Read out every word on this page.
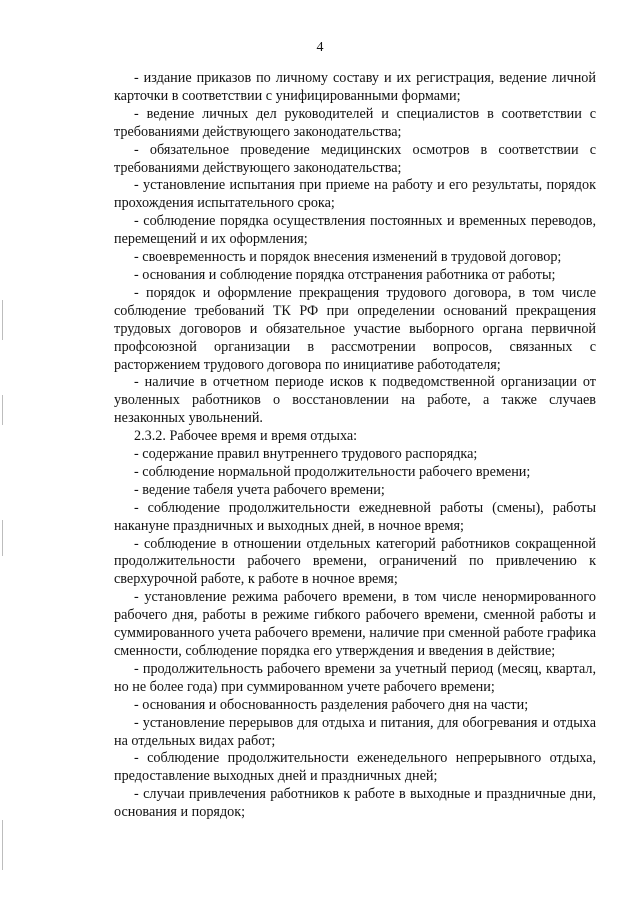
4

- издание приказов по личному составу и их регистрация, ведение личной карточки в соответствии с унифицированными формами;

- ведение личных дел руководителей и специалистов в соответствии с требованиями действующего законодательства;

- обязательное проведение медицинских осмотров в соответствии с требованиями действующего законодательства;

- установление испытания при приеме на работу и его результаты, порядок прохождения испытательного срока;

- соблюдение порядка осуществления постоянных и временных переводов, перемещений и их оформления;

- своевременность и порядок внесения изменений в трудовой договор;

- основания и соблюдение порядка отстранения работника от работы;

- порядок и оформление прекращения трудового договора, в том числе соблюдение требований ТК РФ при определении оснований прекращения трудовых договоров и обязательное участие выборного органа первичной профсоюзной организации в рассмотрении вопросов, связанных с расторжением трудового договора по инициативе работодателя;

- наличие в отчетном периоде исков к подведомственной организации от уволенных работников о восстановлении на работе, а также случаев незаконных увольнений.

2.3.2. Рабочее время и время отдыха:

- содержание правил внутреннего трудового распорядка;

- соблюдение нормальной продолжительности рабочего времени;

- ведение табеля учета рабочего времени;

- соблюдение продолжительности ежедневной работы (смены), работы накануне праздничных и выходных дней, в ночное время;

- соблюдение в отношении отдельных категорий работников сокращенной продолжительности рабочего времени, ограничений по привлечению к сверхурочной работе, к работе в ночное время;

- установление режима рабочего времени, в том числе ненормированного рабочего дня, работы в режиме гибкого рабочего времени, сменной работы и суммированного учета рабочего времени, наличие при сменной работе графика сменности, соблюдение порядка его утверждения и введения в действие;

- продолжительность рабочего времени за учетный период (месяц, квартал, но не более года) при суммированном учете рабочего времени;

- основания и обоснованность разделения рабочего дня на части;

- установление перерывов для отдыха и питания, для обогревания и отдыха на отдельных видах работ;

- соблюдение продолжительности еженедельного непрерывного отдыха, предоставление выходных дней и праздничных дней;

- случаи привлечения работников к работе в выходные и праздничные дни, основания и порядок;
